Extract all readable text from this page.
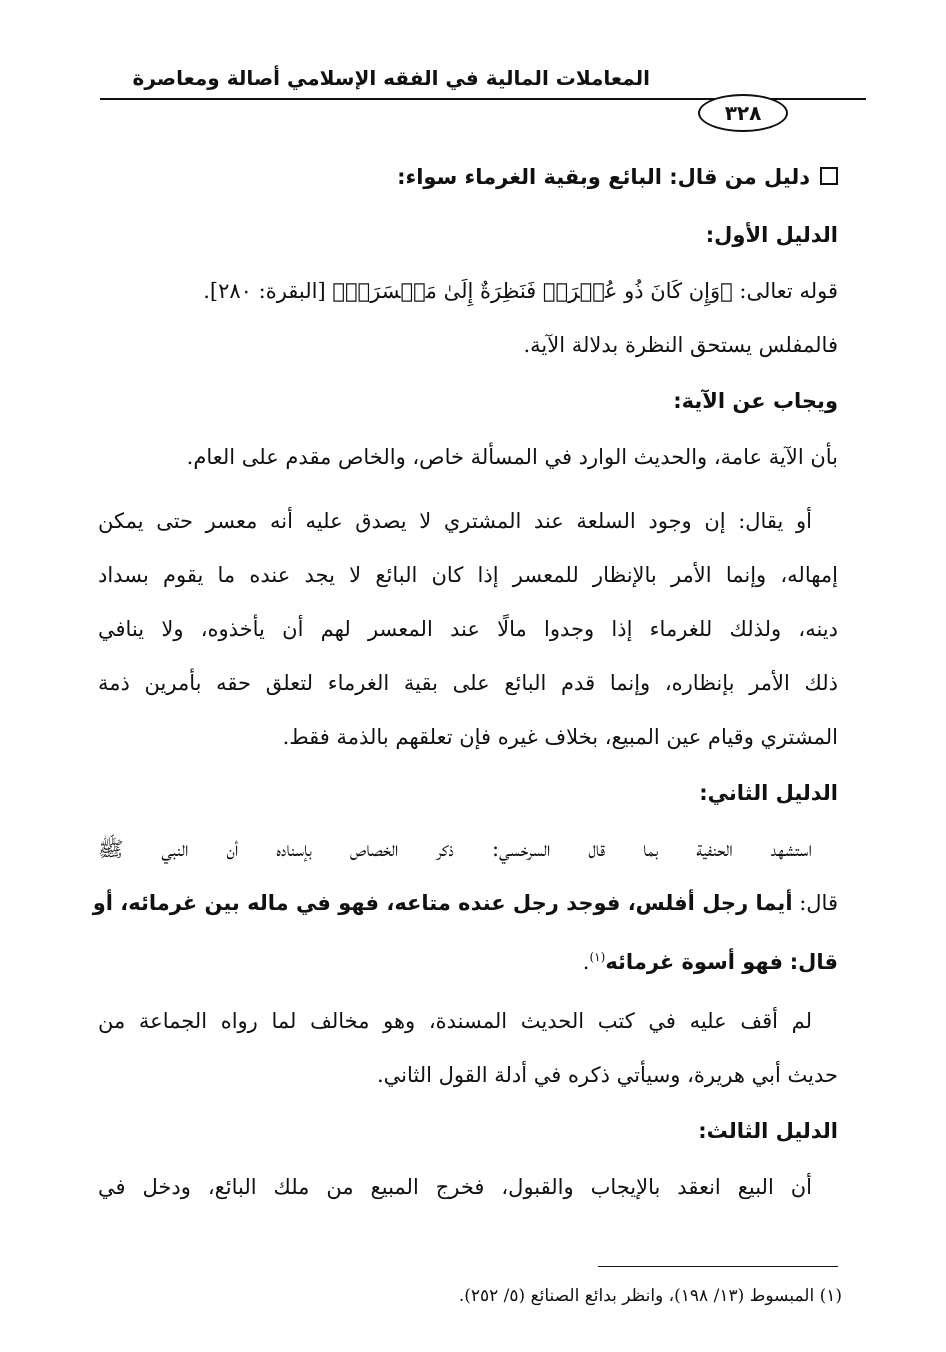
المعاملات المالية في الفقه الإسلامي أصالة ومعاصرة
٣٢٨
دليل من قال: البائع وبقية الغرماء سواء:
الدليل الأول:
قوله تعالى: ﴿وَإِن كَانَ ذُو عُسۡرَةٖ فَنَظِرَةٌ إِلَىٰ مَيۡسَرَةٖ﴾ [البقرة: ٢٨٠].
فالمفلس يستحق النظرة بدلالة الآية.
ويجاب عن الآية:
بأن الآية عامة، والحديث الوارد في المسألة خاص، والخاص مقدم على العام.
أو يقال: إن وجود السلعة عند المشتري لا يصدق عليه أنه معسر حتى يمكن
إمهاله، وإنما الأمر بالإنظار للمعسر إذا كان البائع لا يجد عنده ما يقوم بسداد
دينه، ولذلك للغرماء إذا وجدوا مالًا عند المعسر لهم أن يأخذوه، ولا ينافي
ذلك الأمر بإنظاره، وإنما قدم البائع على بقية الغرماء لتعلق حقه بأمرين ذمة
المشتري وقيام عين المبيع، بخلاف غيره فإن تعلقهم بالذمة فقط.
الدليل الثاني:
استشهد الحنفية بما قال السرخسي: ذكر الخصاص بإسناده أن النبي ﷺ
قال: أيما رجل أفلس، فوجد رجل عنده متاعه، فهو في ماله بين غرمائه، أو
قال: فهو أسوة غرمائه$^{(١)}$.
لم أقف عليه في كتب الحديث المسندة، وهو مخالف لما رواه الجماعة من
حديث أبي هريرة، وسيأتي ذكره في أدلة القول الثاني.
الدليل الثالث:
أن البيع انعقد بالإيجاب والقبول، فخرج المبيع من ملك البائع، ودخل في
(١) المبسوط (١٣/ ١٩٨)، وانظر بدائع الصنائع (٥/ ٢٥٢).
